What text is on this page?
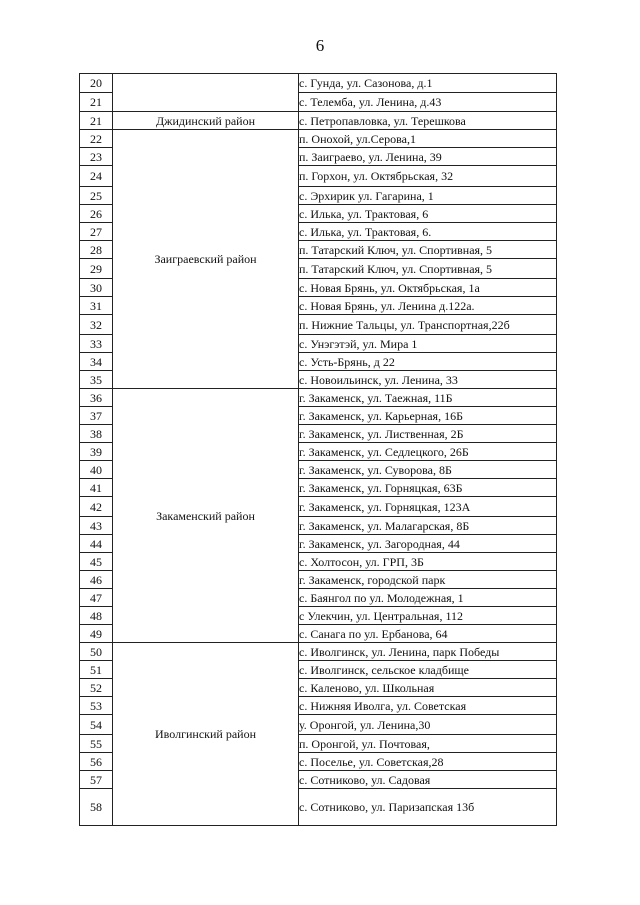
6
20		с. Гунда, ул. Сазонова, д.1
21		с. Телемба, ул. Ленина, д.43
21	Джидинский район	с. Петропавловка, ул. Терешкова
22	Заиграевский район	п. Онохой, ул.Серова,1
23		п. Заиграево, ул. Ленина, 39
24		п. Горхон, ул. Октябрьская, 32
25		с. Эрхирик ул. Гагарина, 1
26		с. Илька, ул. Трактовая, 6
27		с. Илька, ул. Трактовая, 6.
28		п. Татарский Ключ, ул. Спортивная, 5
29		п. Татарский Ключ, ул. Спортивная, 5
30		с. Новая Брянь, ул. Октябрьская, 1а
31		с. Новая Брянь, ул. Ленина д.122а.
32		п. Нижние Тальцы, ул. Транспортная,22б
33		с. Унэгэтэй, ул. Мира 1
34		с. Усть-Брянь, д 22
35		с. Новоильинск, ул. Ленина, 33
36	Закаменский район	г. Закаменск, ул. Таежная, 11Б
37		г. Закаменск, ул. Карьерная, 16Б
38		г. Закаменск, ул. Лиственная, 2Б
39		г. Закаменск, ул. Седлецкого, 26Б
40		г. Закаменск, ул. Суворова, 8Б
41		г. Закаменск, ул. Горняцкая, 63Б
42		г. Закаменск, ул. Горняцкая, 123А
43		г. Закаменск, ул. Малагарская, 8Б
44		г. Закаменск, ул. Загородная, 44
45		с. Холтосон, ул. ГРП, 3Б
46		г. Закаменск, городской парк
47		с. Баянгол по ул. Молодежная, 1
48		с Улекчин, ул. Центральная, 112
49		с. Санага по ул. Ербанова, 64
50	Иволгинский район	с. Иволгинск, ул. Ленина, парк Победы
51		с. Иволгинск, сельское кладбище
52		с. Каленово, ул. Школьная
53		с. Нижняя Иволга, ул. Советская
54		у. Оронгой, ул. Ленина,30
55		п. Оронгой, ул. Почтовая,
56		с. Поселье, ул. Советская,28
57		с. Сотниково, ул. Садовая
58		с. Сотниково, ул. Паризапская 13б
